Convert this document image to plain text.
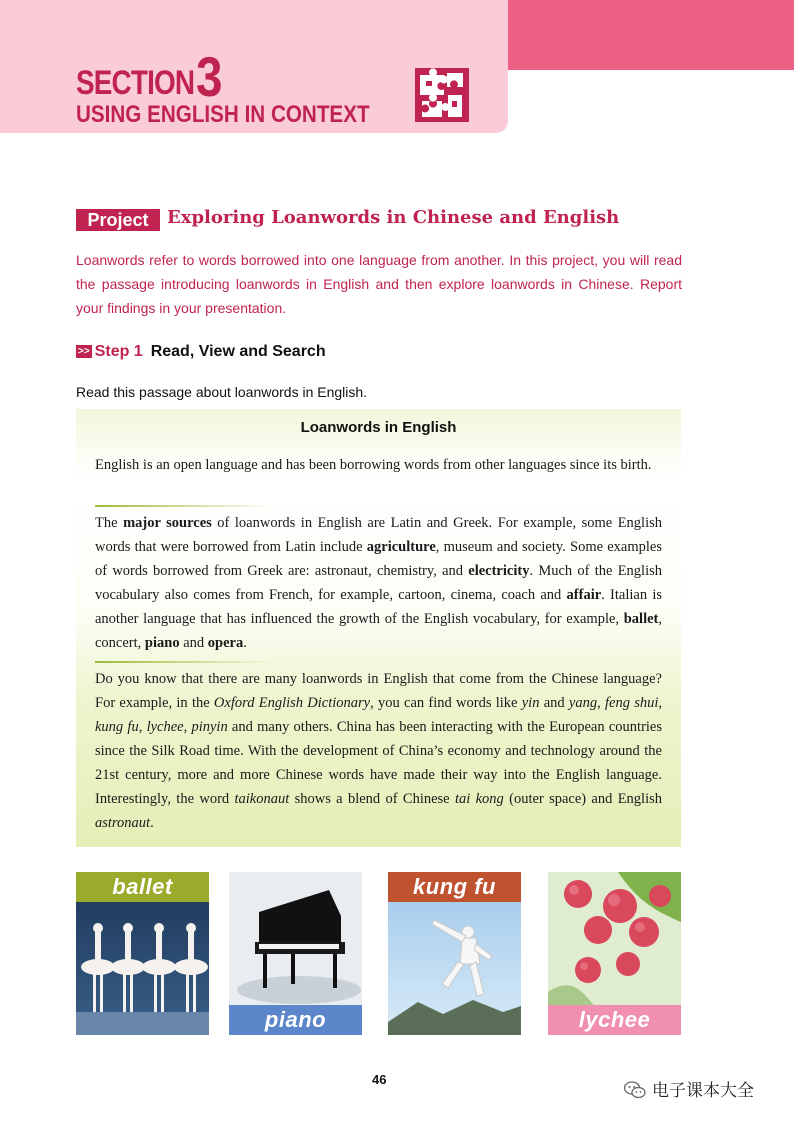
SECTION 3
USING ENGLISH IN CONTEXT
Project	Exploring Loanwords in Chinese and English
Loanwords refer to words borrowed into one language from another. In this project, you will read the passage introducing loanwords in English and then explore loanwords in Chinese. Report your findings in your presentation.
>> Step 1 Read, View and Search
Read this passage about loanwords in English.
Loanwords in English
English is an open language and has been borrowing words from other languages since its birth.
The major sources of loanwords in English are Latin and Greek. For example, some English words that were borrowed from Latin include agriculture, museum and society. Some examples of words borrowed from Greek are: astronaut, chemistry, and electricity. Much of the English vocabulary also comes from French, for example, cartoon, cinema, coach and affair. Italian is another language that has influenced the growth of the English vocabulary, for example, ballet, concert, piano and opera.
Do you know that there are many loanwords in English that come from the Chinese language? For example, in the Oxford English Dictionary, you can find words like yin and yang, feng shui, kung fu, lychee, pinyin and many others. China has been interacting with the European countries since the Silk Road time. With the development of China’s economy and technology around the 21st century, more and more Chinese words have made their way into the English language. Interestingly, the word taikonaut shows a blend of Chinese tai kong (outer space) and English astronaut.
ballet
piano
kung fu
lychee
46
电子课本大全
